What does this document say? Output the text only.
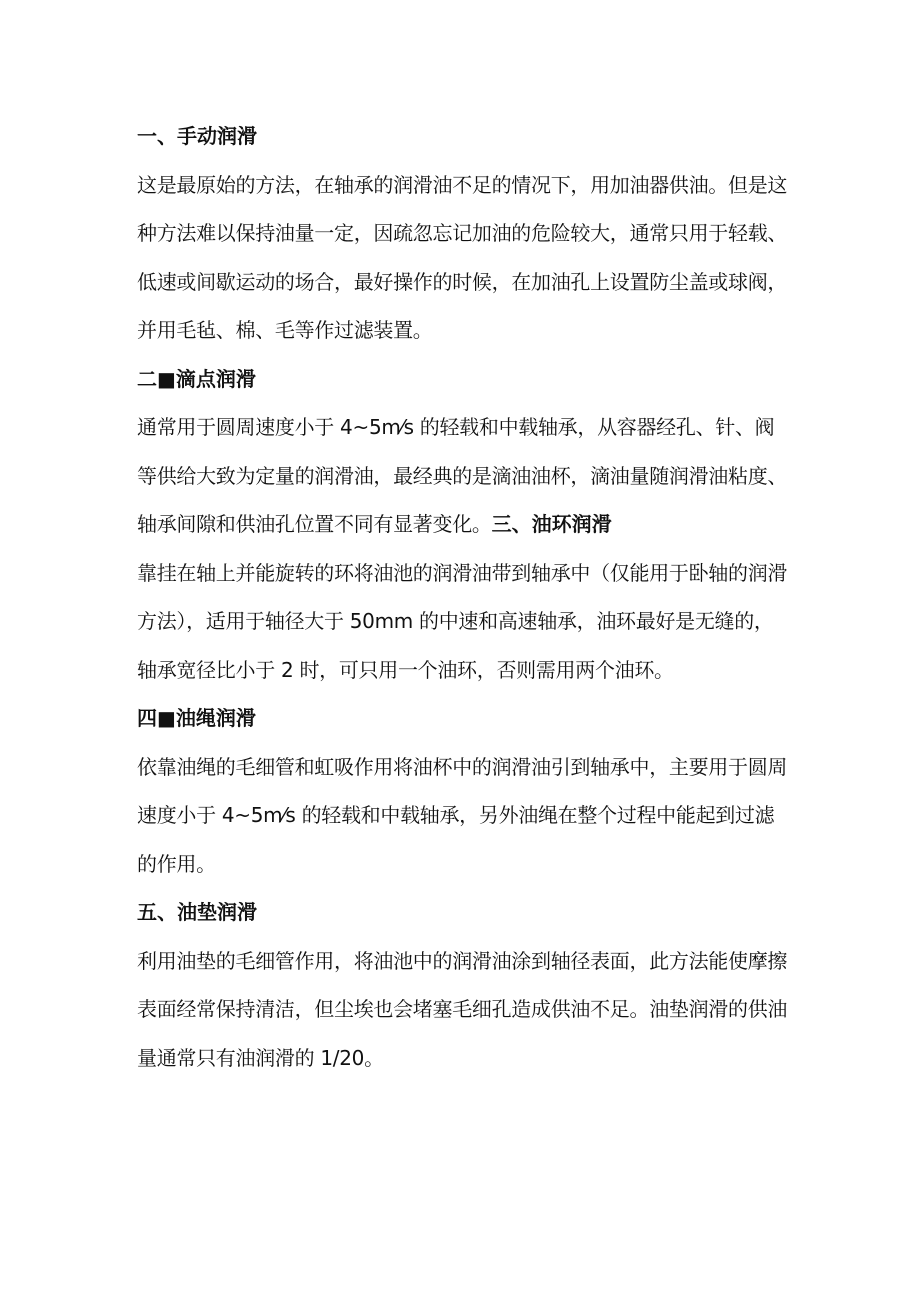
一、手动润滑

这是最原始的方法，在轴承的润滑油不足的情况下，用加油器供油。但是这种方法难以保持油量一定，因疏忽忘记加油的危险较大，通常只用于轻载、低速或间歇运动的场合，最好操作的时候，在加油孔上设置防尘盖或球阀，并用毛毡、棉、毛等作过滤装置。

二■滴点润滑

通常用于圆周速度小于 4~5m⁄s 的轻载和中载轴承，从容器经孔、针、阀等供给大致为定量的润滑油，最经典的是滴油油杯，滴油量随润滑油粘度、轴承间隙和供油孔位置不同有显著变化。三、油环润滑

靠挂在轴上并能旋转的环将油池的润滑油带到轴承中（仅能用于卧轴的润滑方法），适用于轴径大于 50mm 的中速和高速轴承，油环最好是无缝的，轴承宽径比小于 2 时，可只用一个油环，否则需用两个油环。

四■油绳润滑

依靠油绳的毛细管和虹吸作用将油杯中的润滑油引到轴承中，主要用于圆周速度小于 4~5m⁄s 的轻载和中载轴承，另外油绳在整个过程中能起到过滤的作用。

五、油垫润滑

利用油垫的毛细管作用，将油池中的润滑油涂到轴径表面，此方法能使摩擦表面经常保持清洁，但尘埃也会堵塞毛细孔造成供油不足。油垫润滑的供油量通常只有油润滑的 1/20。
